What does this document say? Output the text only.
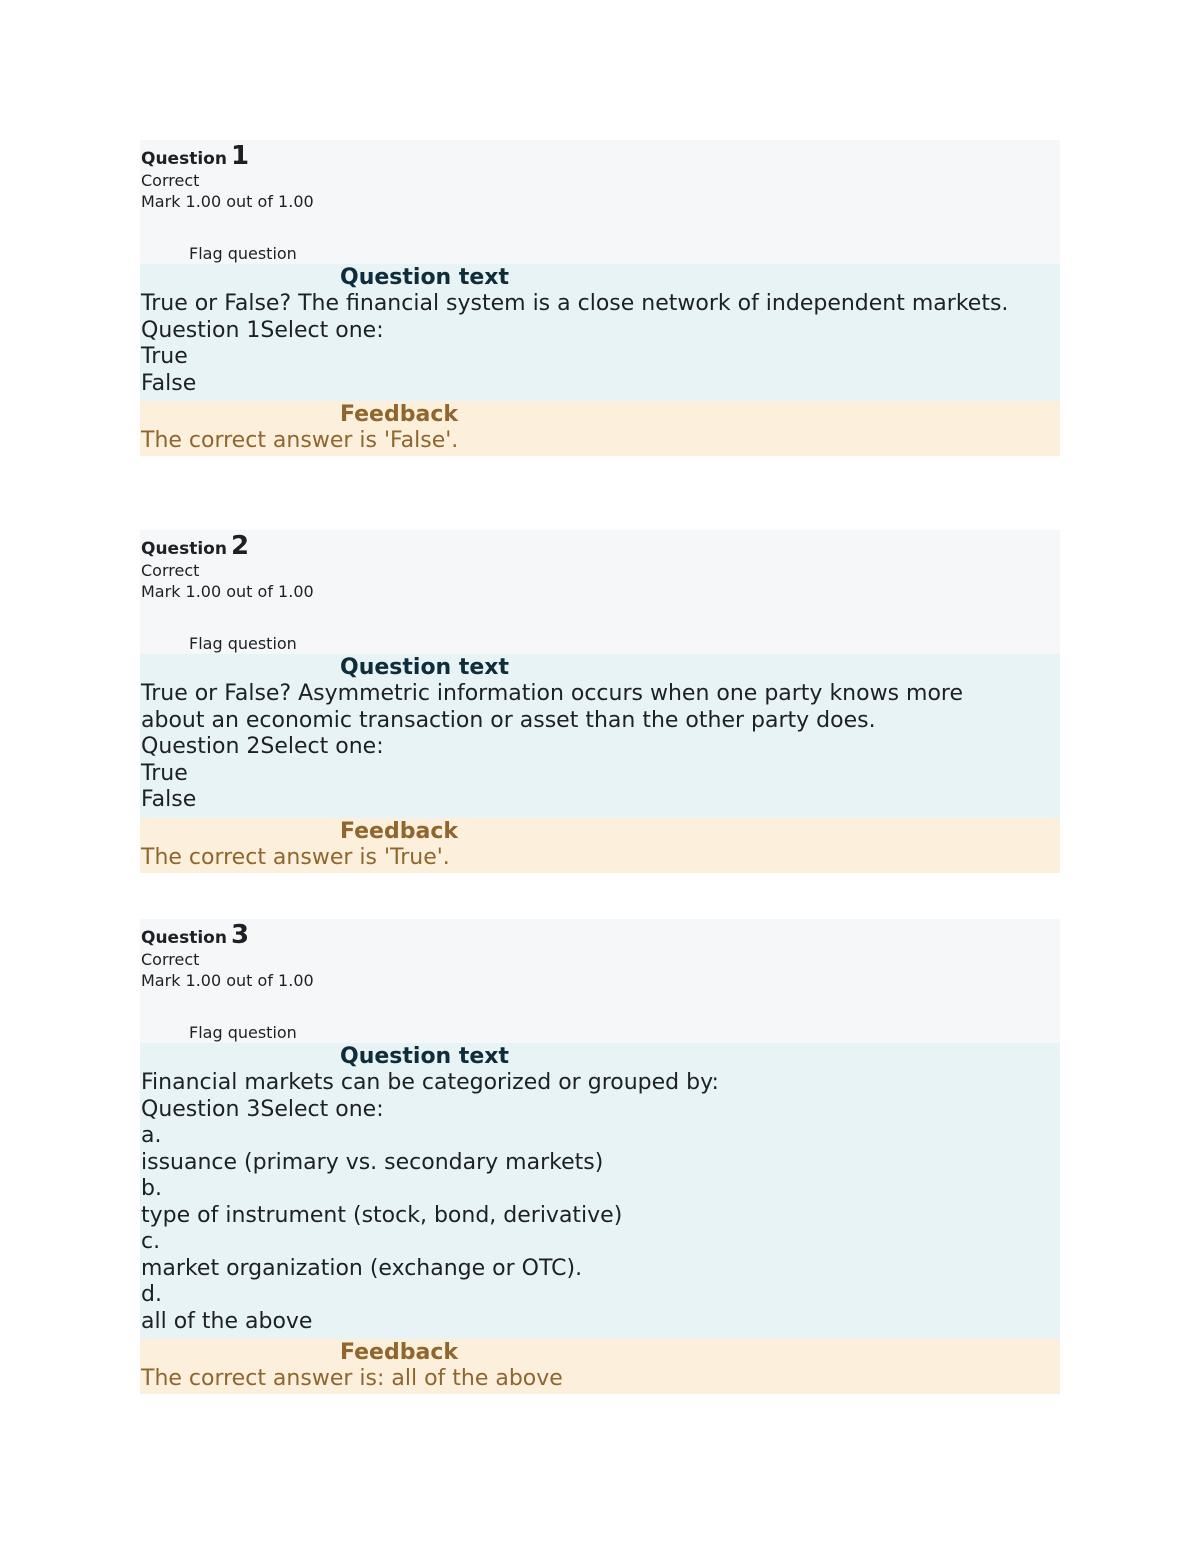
Question 1
Correct
Mark 1.00 out of 1.00
Flag question
Question text
True or False? The financial system is a close network of independent markets.
Question 1Select one:
True
False
Feedback
The correct answer is 'False'.
Question 2
Correct
Mark 1.00 out of 1.00
Flag question
Question text
True or False? Asymmetric information occurs when one party knows more
about an economic transaction or asset than the other party does.
Question 2Select one:
True
False
Feedback
The correct answer is 'True'.
Question 3
Correct
Mark 1.00 out of 1.00
Flag question
Question text
Financial markets can be categorized or grouped by:
Question 3Select one:
a.
issuance (primary vs. secondary markets)
b.
type of instrument (stock, bond, derivative)
c.
market organization (exchange or OTC).
d.
all of the above
Feedback
The correct answer is: all of the above
